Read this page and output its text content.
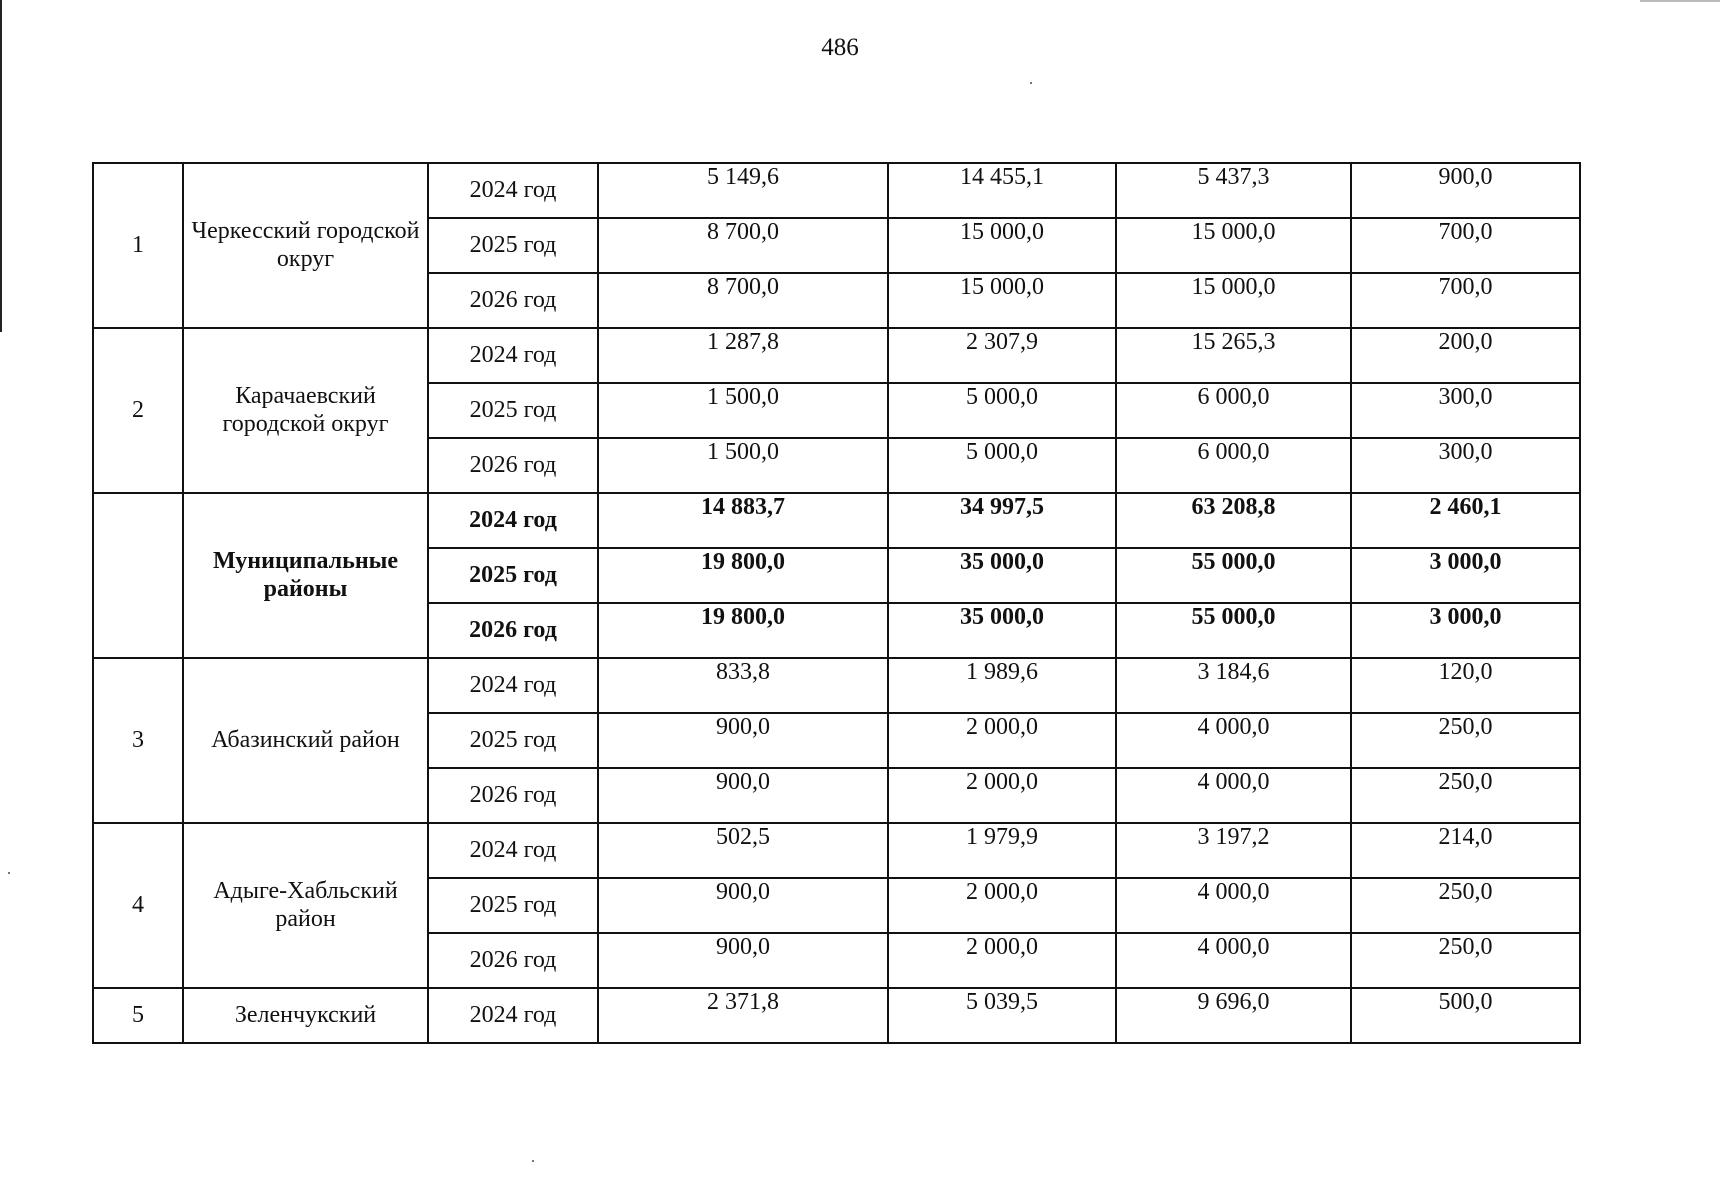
486
1	Черкесский городской округ	2024 год	5 149,6	14 455,1	5 437,3	900,0
		2025 год	8 700,0	15 000,0	15 000,0	700,0
		2026 год	8 700,0	15 000,0	15 000,0	700,0
2	Карачаевский городской округ	2024 год	1 287,8	2 307,9	15 265,3	200,0
		2025 год	1 500,0	5 000,0	6 000,0	300,0
		2026 год	1 500,0	5 000,0	6 000,0	300,0
	Муниципальные районы	2024 год	14 883,7	34 997,5	63 208,8	2 460,1
		2025 год	19 800,0	35 000,0	55 000,0	3 000,0
		2026 год	19 800,0	35 000,0	55 000,0	3 000,0
3	Абазинский район	2024 год	833,8	1 989,6	3 184,6	120,0
		2025 год	900,0	2 000,0	4 000,0	250,0
		2026 год	900,0	2 000,0	4 000,0	250,0
4	Адыге-Хабльский район	2024 год	502,5	1 979,9	3 197,2	214,0
		2025 год	900,0	2 000,0	4 000,0	250,0
		2026 год	900,0	2 000,0	4 000,0	250,0
5	Зеленчукский	2024 год	2 371,8	5 039,5	9 696,0	500,0
